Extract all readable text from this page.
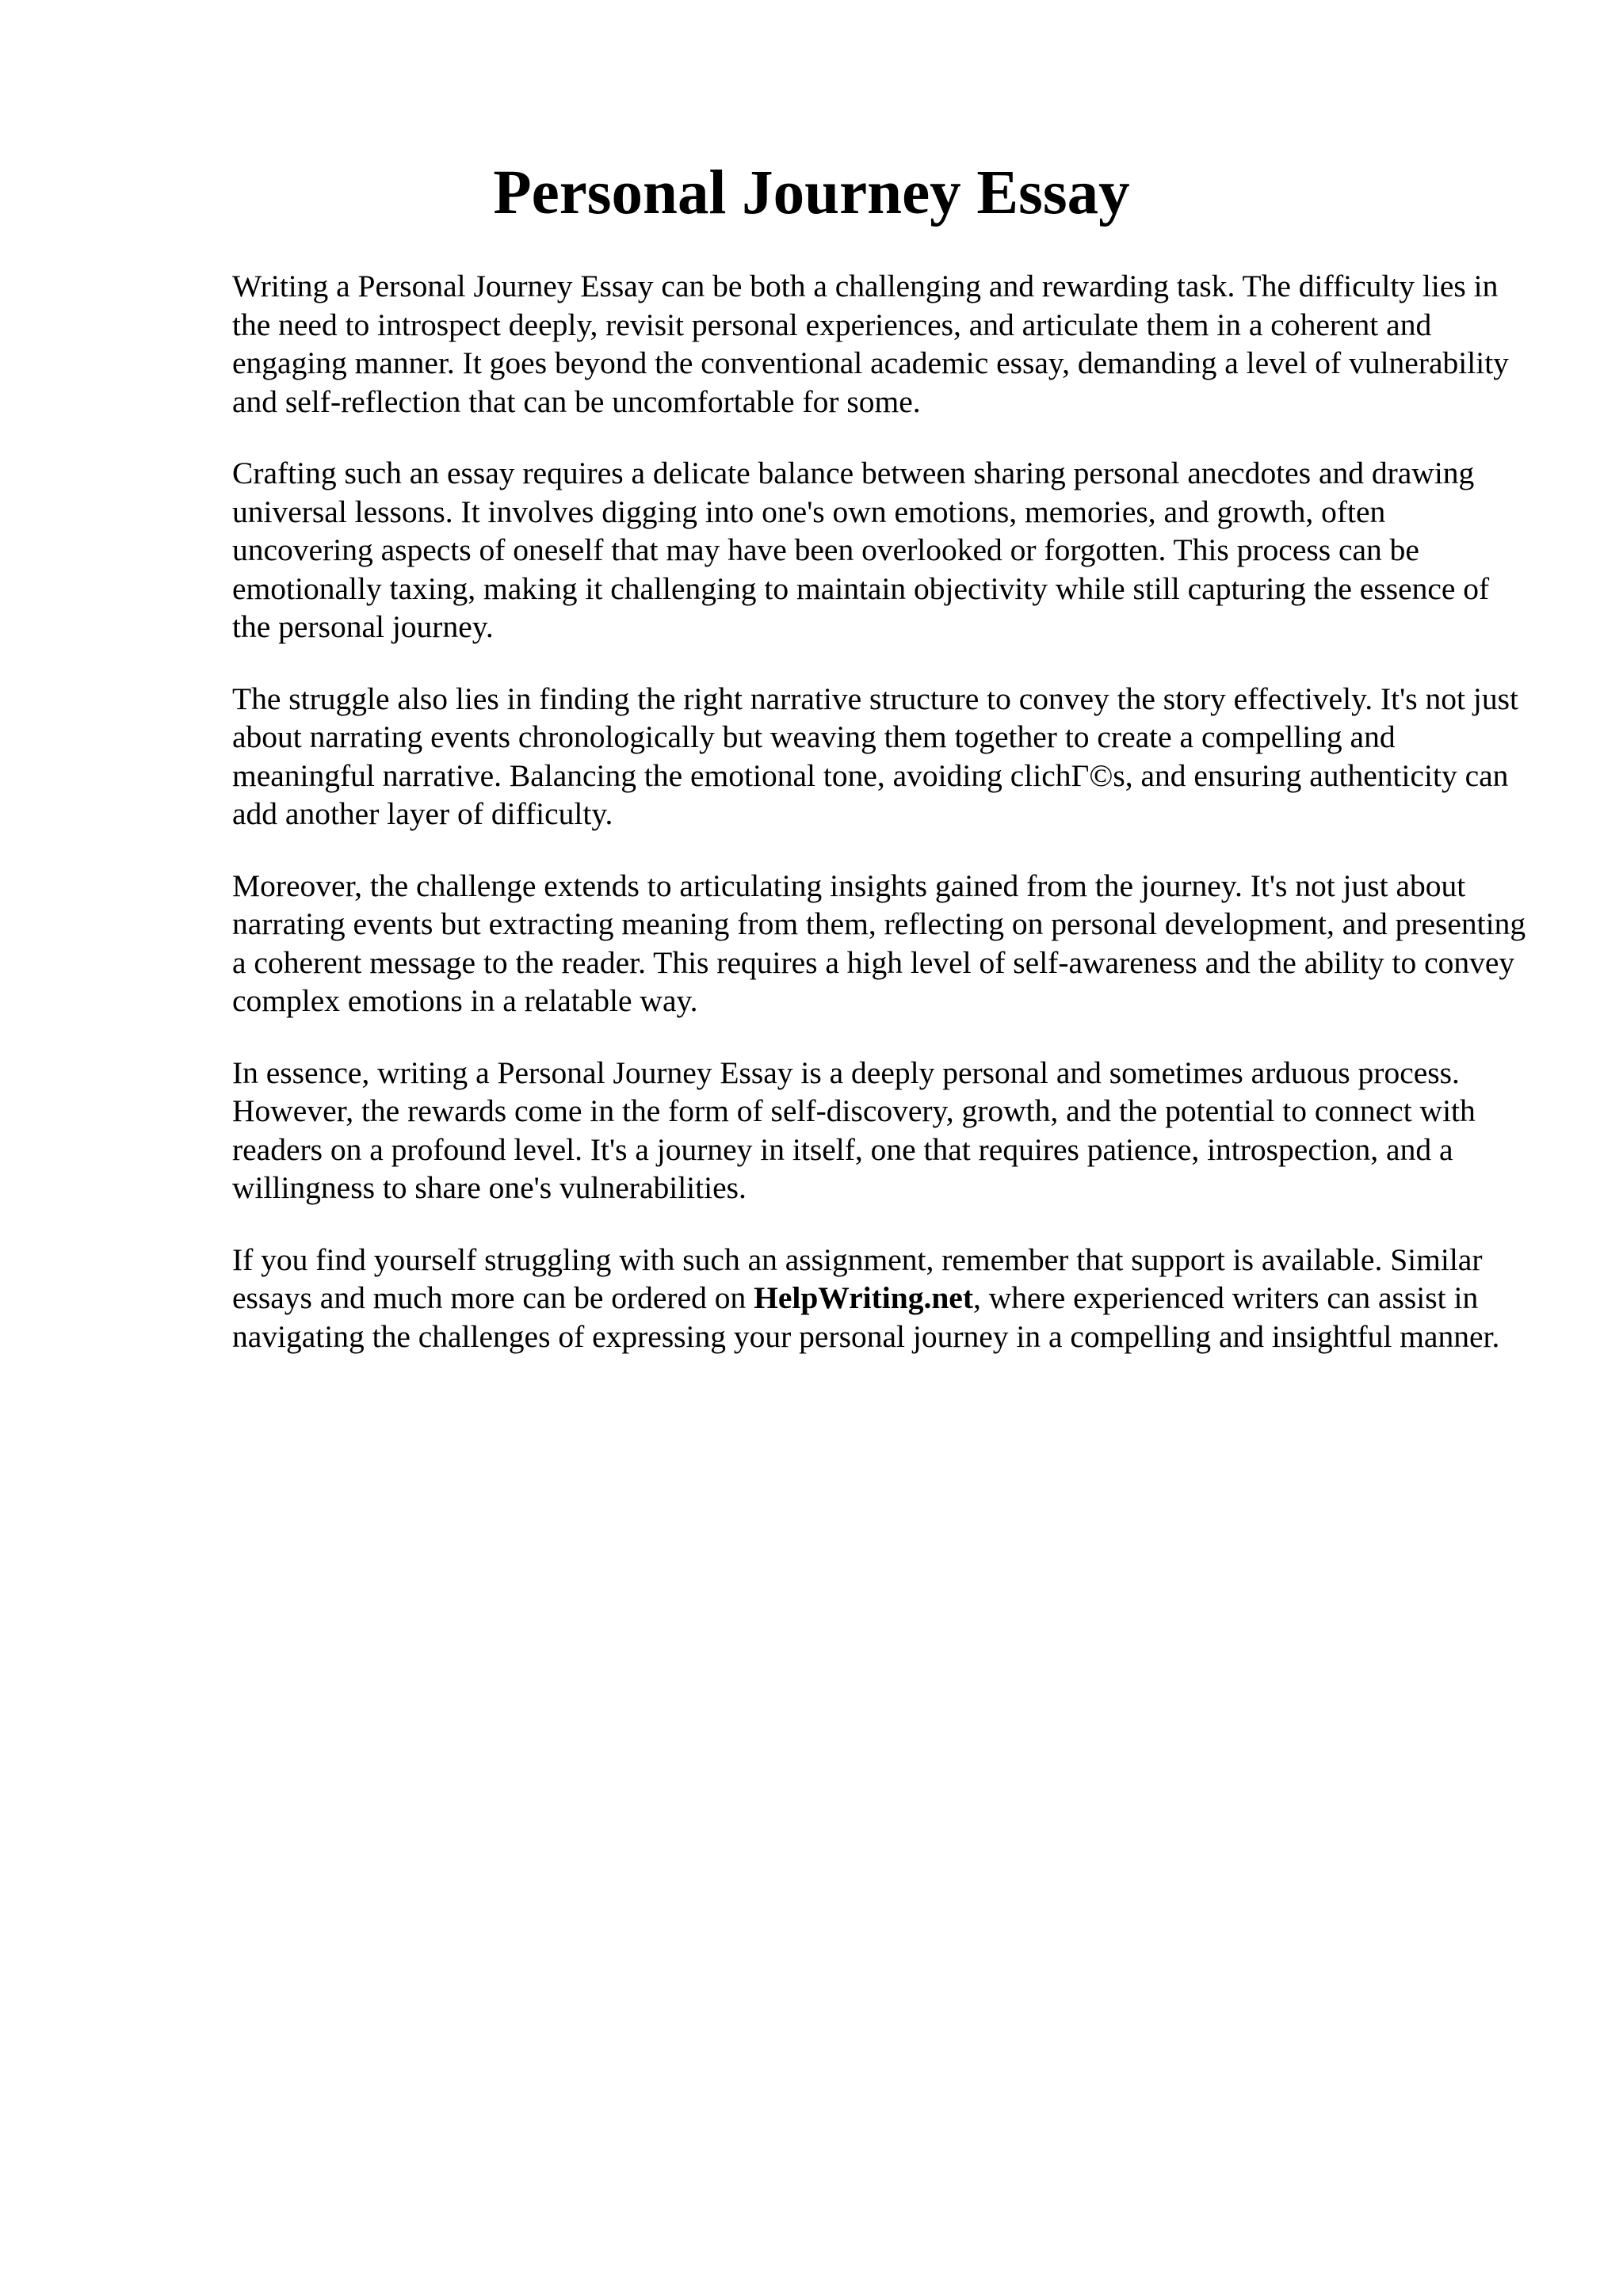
Personal Journey Essay

Writing a Personal Journey Essay can be both a challenging and rewarding task. The difficulty lies in the need to introspect deeply, revisit personal experiences, and articulate them in a coherent and engaging manner. It goes beyond the conventional academic essay, demanding a level of vulnerability and self-reflection that can be uncomfortable for some.

Crafting such an essay requires a delicate balance between sharing personal anecdotes and drawing universal lessons. It involves digging into one's own emotions, memories, and growth, often uncovering aspects of oneself that may have been overlooked or forgotten. This process can be emotionally taxing, making it challenging to maintain objectivity while still capturing the essence of the personal journey.

The struggle also lies in finding the right narrative structure to convey the story effectively. It's not just about narrating events chronologically but weaving them together to create a compelling and meaningful narrative. Balancing the emotional tone, avoiding clichΓ©s, and ensuring authenticity can add another layer of difficulty.

Moreover, the challenge extends to articulating insights gained from the journey. It's not just about narrating events but extracting meaning from them, reflecting on personal development, and presenting a coherent message to the reader. This requires a high level of self-awareness and the ability to convey complex emotions in a relatable way.

In essence, writing a Personal Journey Essay is a deeply personal and sometimes arduous process. However, the rewards come in the form of self-discovery, growth, and the potential to connect with readers on a profound level. It's a journey in itself, one that requires patience, introspection, and a willingness to share one's vulnerabilities.

If you find yourself struggling with such an assignment, remember that support is available. Similar essays and much more can be ordered on HelpWriting.net, where experienced writers can assist in navigating the challenges of expressing your personal journey in a compelling and insightful manner.
